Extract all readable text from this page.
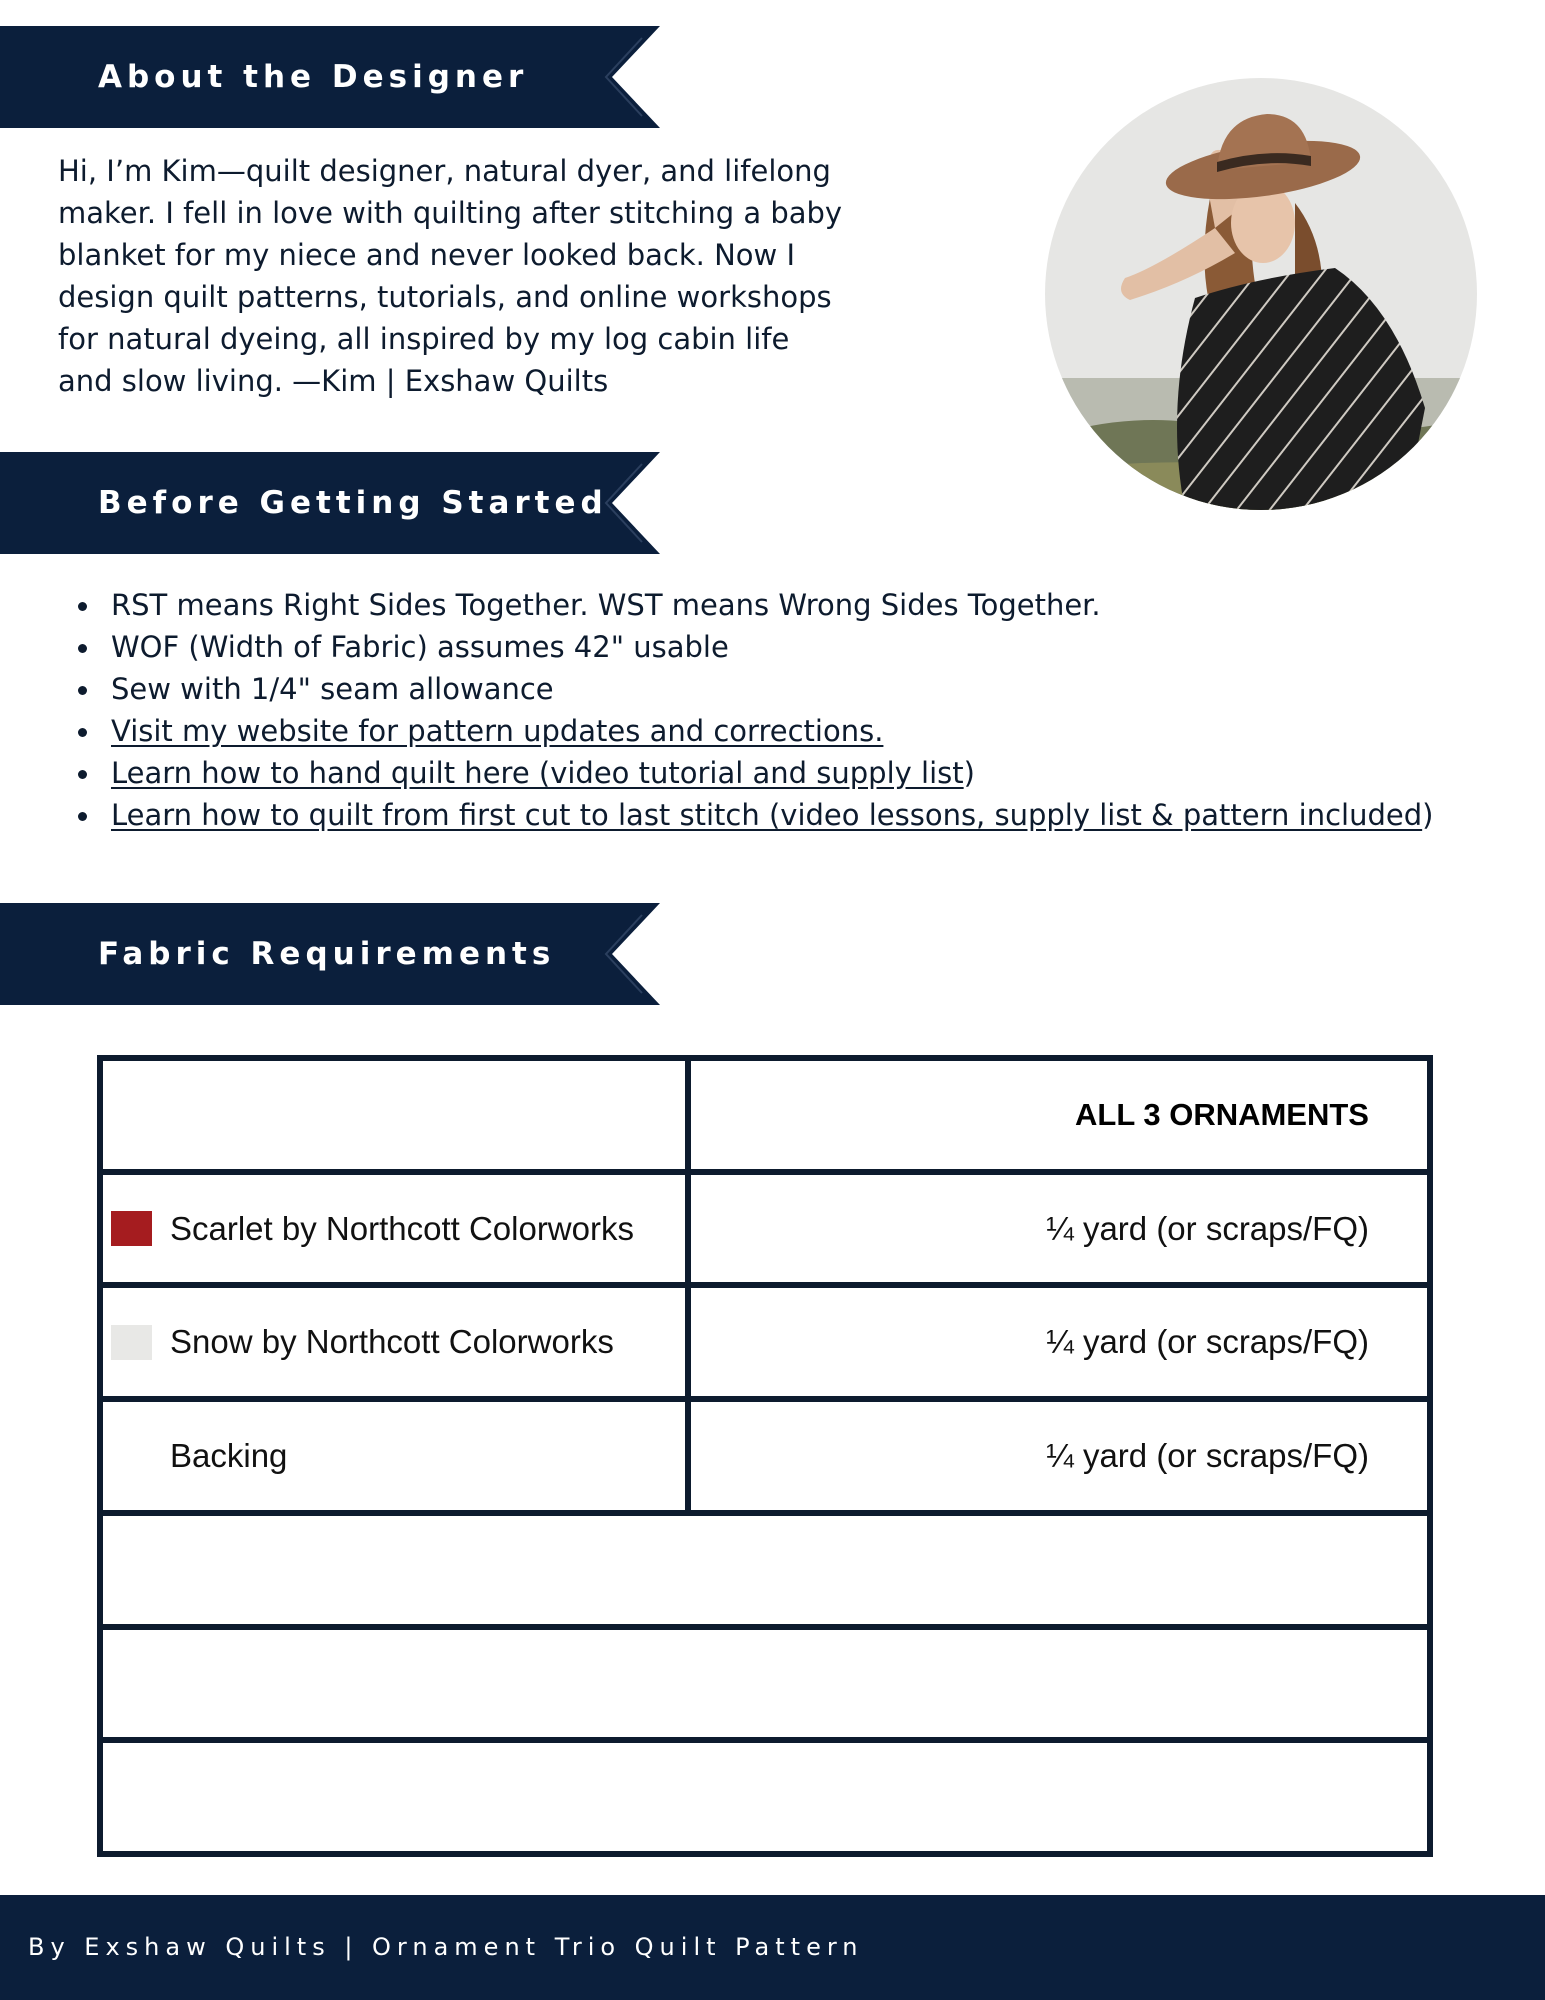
About the Designer
Hi, I’m Kim—quilt designer, natural dyer, and lifelong maker. I fell in love with quilting after stitching a baby blanket for my niece and never looked back. Now I design quilt patterns, tutorials, and online workshops for natural dyeing, all inspired by my log cabin life and slow living. —Kim | Exshaw Quilts
Before Getting Started
RST means Right Sides Together. WST means Wrong Sides Together.
WOF (Width of Fabric) assumes 42" usable
Sew with 1/4" seam allowance
Visit my website for pattern updates and corrections.
Learn how to hand quilt here (video tutorial and supply list)
Learn how to quilt from first cut to last stitch (video lessons, supply list & pattern included)
Fabric Requirements
	ALL 3 ORNAMENTS

Scarlet by Northcott Colorworks	¼ yard (or scraps/FQ)

Snow by Northcott Colorworks	¼ yard (or scraps/FQ)

Backing	¼ yard (or scraps/FQ)

By Exshaw Quilts | Ornament Trio Quilt Pattern
